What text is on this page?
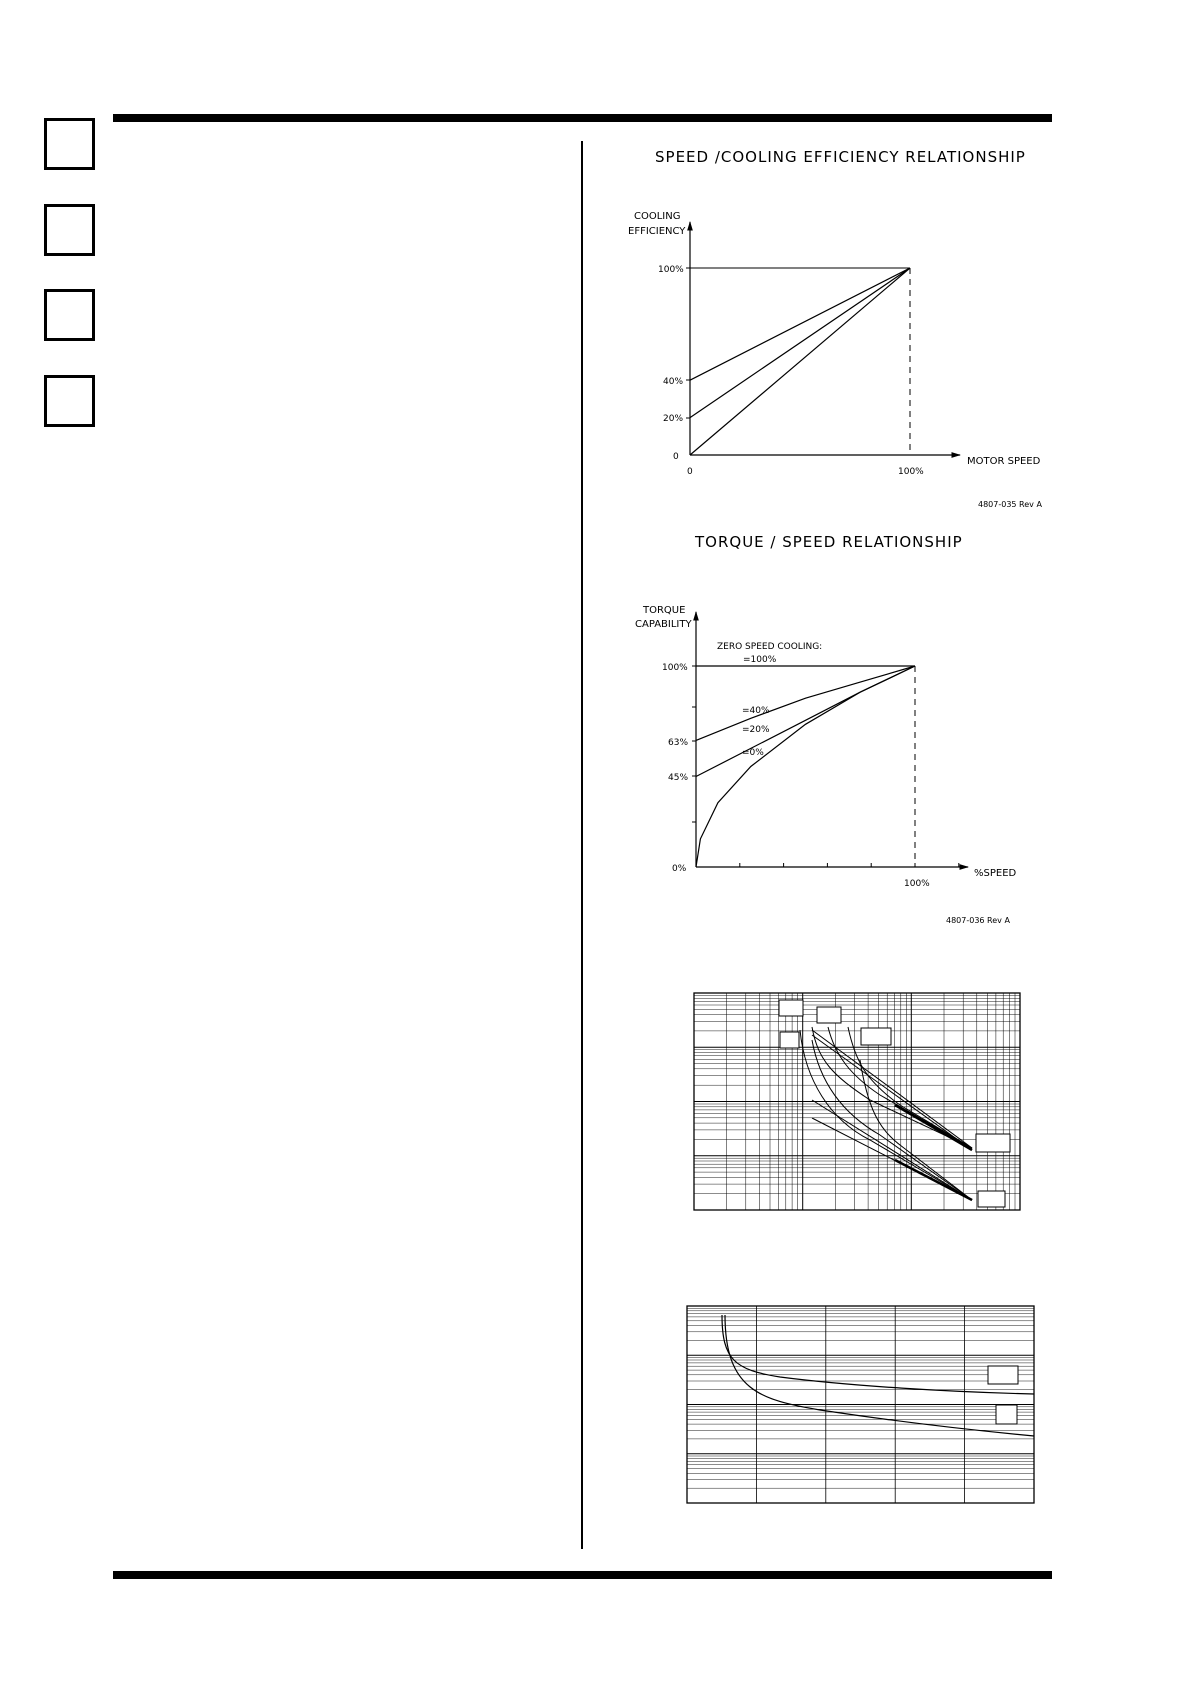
SPEED /COOLING EFFICIENCY RELATIONSHIP
TORQUE / SPEED RELATIONSHIP
COOLING
EFFICIENCY
MOTOR SPEED
100%
40%
20%
0
0	100%
4807-035 Rev A
TORQUE
CAPABILITY
%SPEED
100%
63%
45%
0%
100%
ZERO SPEED COOLING:
=100%
=40%
=20%
=0%
4807-036 Rev A
